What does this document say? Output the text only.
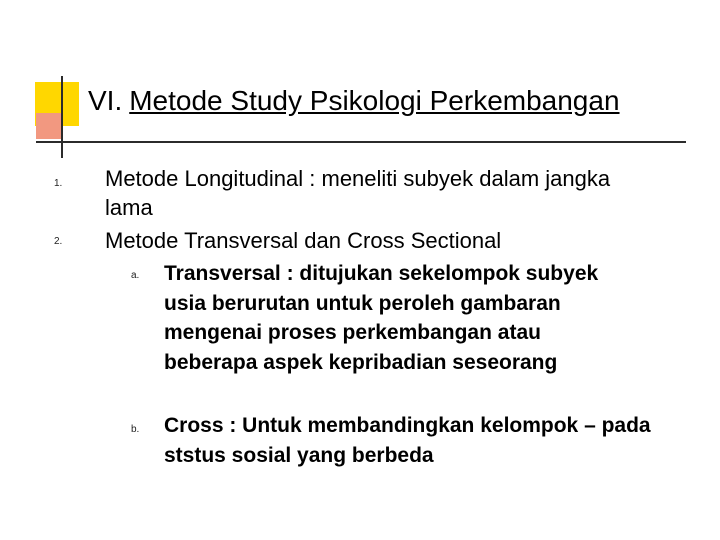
VI. Metode Study Psikologi Perkembangan
1. Metode Longitudinal : meneliti subyek dalam jangka lama
2. Metode Transversal dan Cross Sectional
a. Transversal : ditujukan sekelompok subyek usia berurutan untuk peroleh gambaran mengenai proses perkembangan atau beberapa aspek kepribadian seseorang
b. Cross : Untuk membandingkan kelompok – pada ststus sosial yang berbeda
